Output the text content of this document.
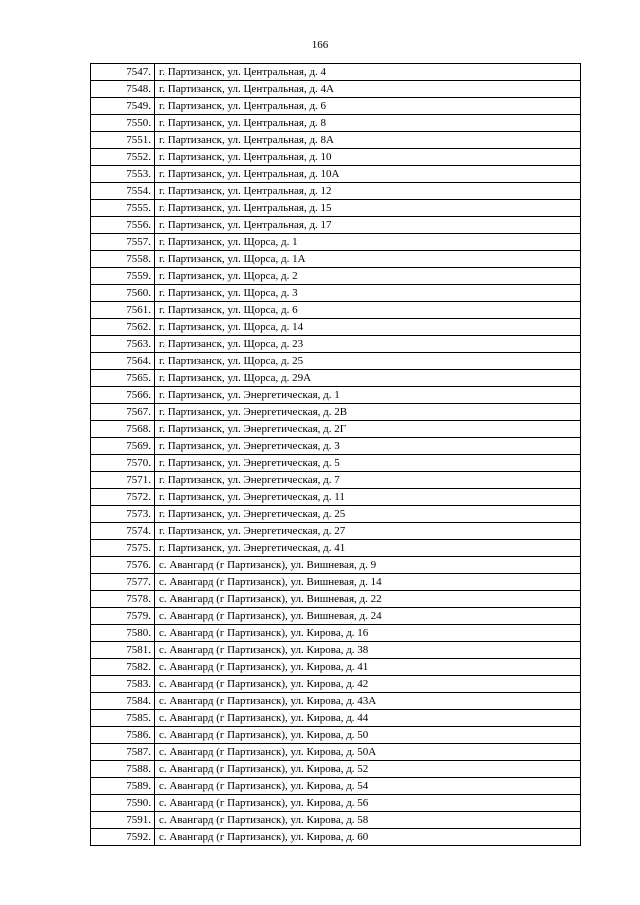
166
7547.	г. Партизанск, ул. Центральная, д. 4
7548.	г. Партизанск, ул. Центральная, д. 4А
7549.	г. Партизанск, ул. Центральная, д. 6
7550.	г. Партизанск, ул. Центральная, д. 8
7551.	г. Партизанск, ул. Центральная, д. 8А
7552.	г. Партизанск, ул. Центральная, д. 10
7553.	г. Партизанск, ул. Центральная, д. 10А
7554.	г. Партизанск, ул. Центральная, д. 12
7555.	г. Партизанск, ул. Центральная, д. 15
7556.	г. Партизанск, ул. Центральная, д. 17
7557.	г. Партизанск, ул. Щорса, д. 1
7558.	г. Партизанск, ул. Щорса, д. 1А
7559.	г. Партизанск, ул. Щорса, д. 2
7560.	г. Партизанск, ул. Щорса, д. 3
7561.	г. Партизанск, ул. Щорса, д. 6
7562.	г. Партизанск, ул. Щорса, д. 14
7563.	г. Партизанск, ул. Щорса, д. 23
7564.	г. Партизанск, ул. Щорса, д. 25
7565.	г. Партизанск, ул. Щорса, д. 29А
7566.	г. Партизанск, ул. Энергетическая, д. 1
7567.	г. Партизанск, ул. Энергетическая, д. 2В
7568.	г. Партизанск, ул. Энергетическая, д. 2Г
7569.	г. Партизанск, ул. Энергетическая, д. 3
7570.	г. Партизанск, ул. Энергетическая, д. 5
7571.	г. Партизанск, ул. Энергетическая, д. 7
7572.	г. Партизанск, ул. Энергетическая, д. 11
7573.	г. Партизанск, ул. Энергетическая, д. 25
7574.	г. Партизанск, ул. Энергетическая, д. 27
7575.	г. Партизанск, ул. Энергетическая, д. 41
7576.	с. Авангард (г Партизанск), ул. Вишневая, д. 9
7577.	с. Авангард (г Партизанск), ул. Вишневая, д. 14
7578.	с. Авангард (г Партизанск), ул. Вишневая, д. 22
7579.	с. Авангард (г Партизанск), ул. Вишневая, д. 24
7580.	с. Авангард (г Партизанск), ул. Кирова, д. 16
7581.	с. Авангард (г Партизанск), ул. Кирова, д. 38
7582.	с. Авангард (г Партизанск), ул. Кирова, д. 41
7583.	с. Авангард (г Партизанск), ул. Кирова, д. 42
7584.	с. Авангард (г Партизанск), ул. Кирова, д. 43А
7585.	с. Авангард (г Партизанск), ул. Кирова, д. 44
7586.	с. Авангард (г Партизанск), ул. Кирова, д. 50
7587.	с. Авангард (г Партизанск), ул. Кирова, д. 50А
7588.	с. Авангард (г Партизанск), ул. Кирова, д. 52
7589.	с. Авангард (г Партизанск), ул. Кирова, д. 54
7590.	с. Авангард (г Партизанск), ул. Кирова, д. 56
7591.	с. Авангард (г Партизанск), ул. Кирова, д. 58
7592.	с. Авангард (г Партизанск), ул. Кирова, д. 60
